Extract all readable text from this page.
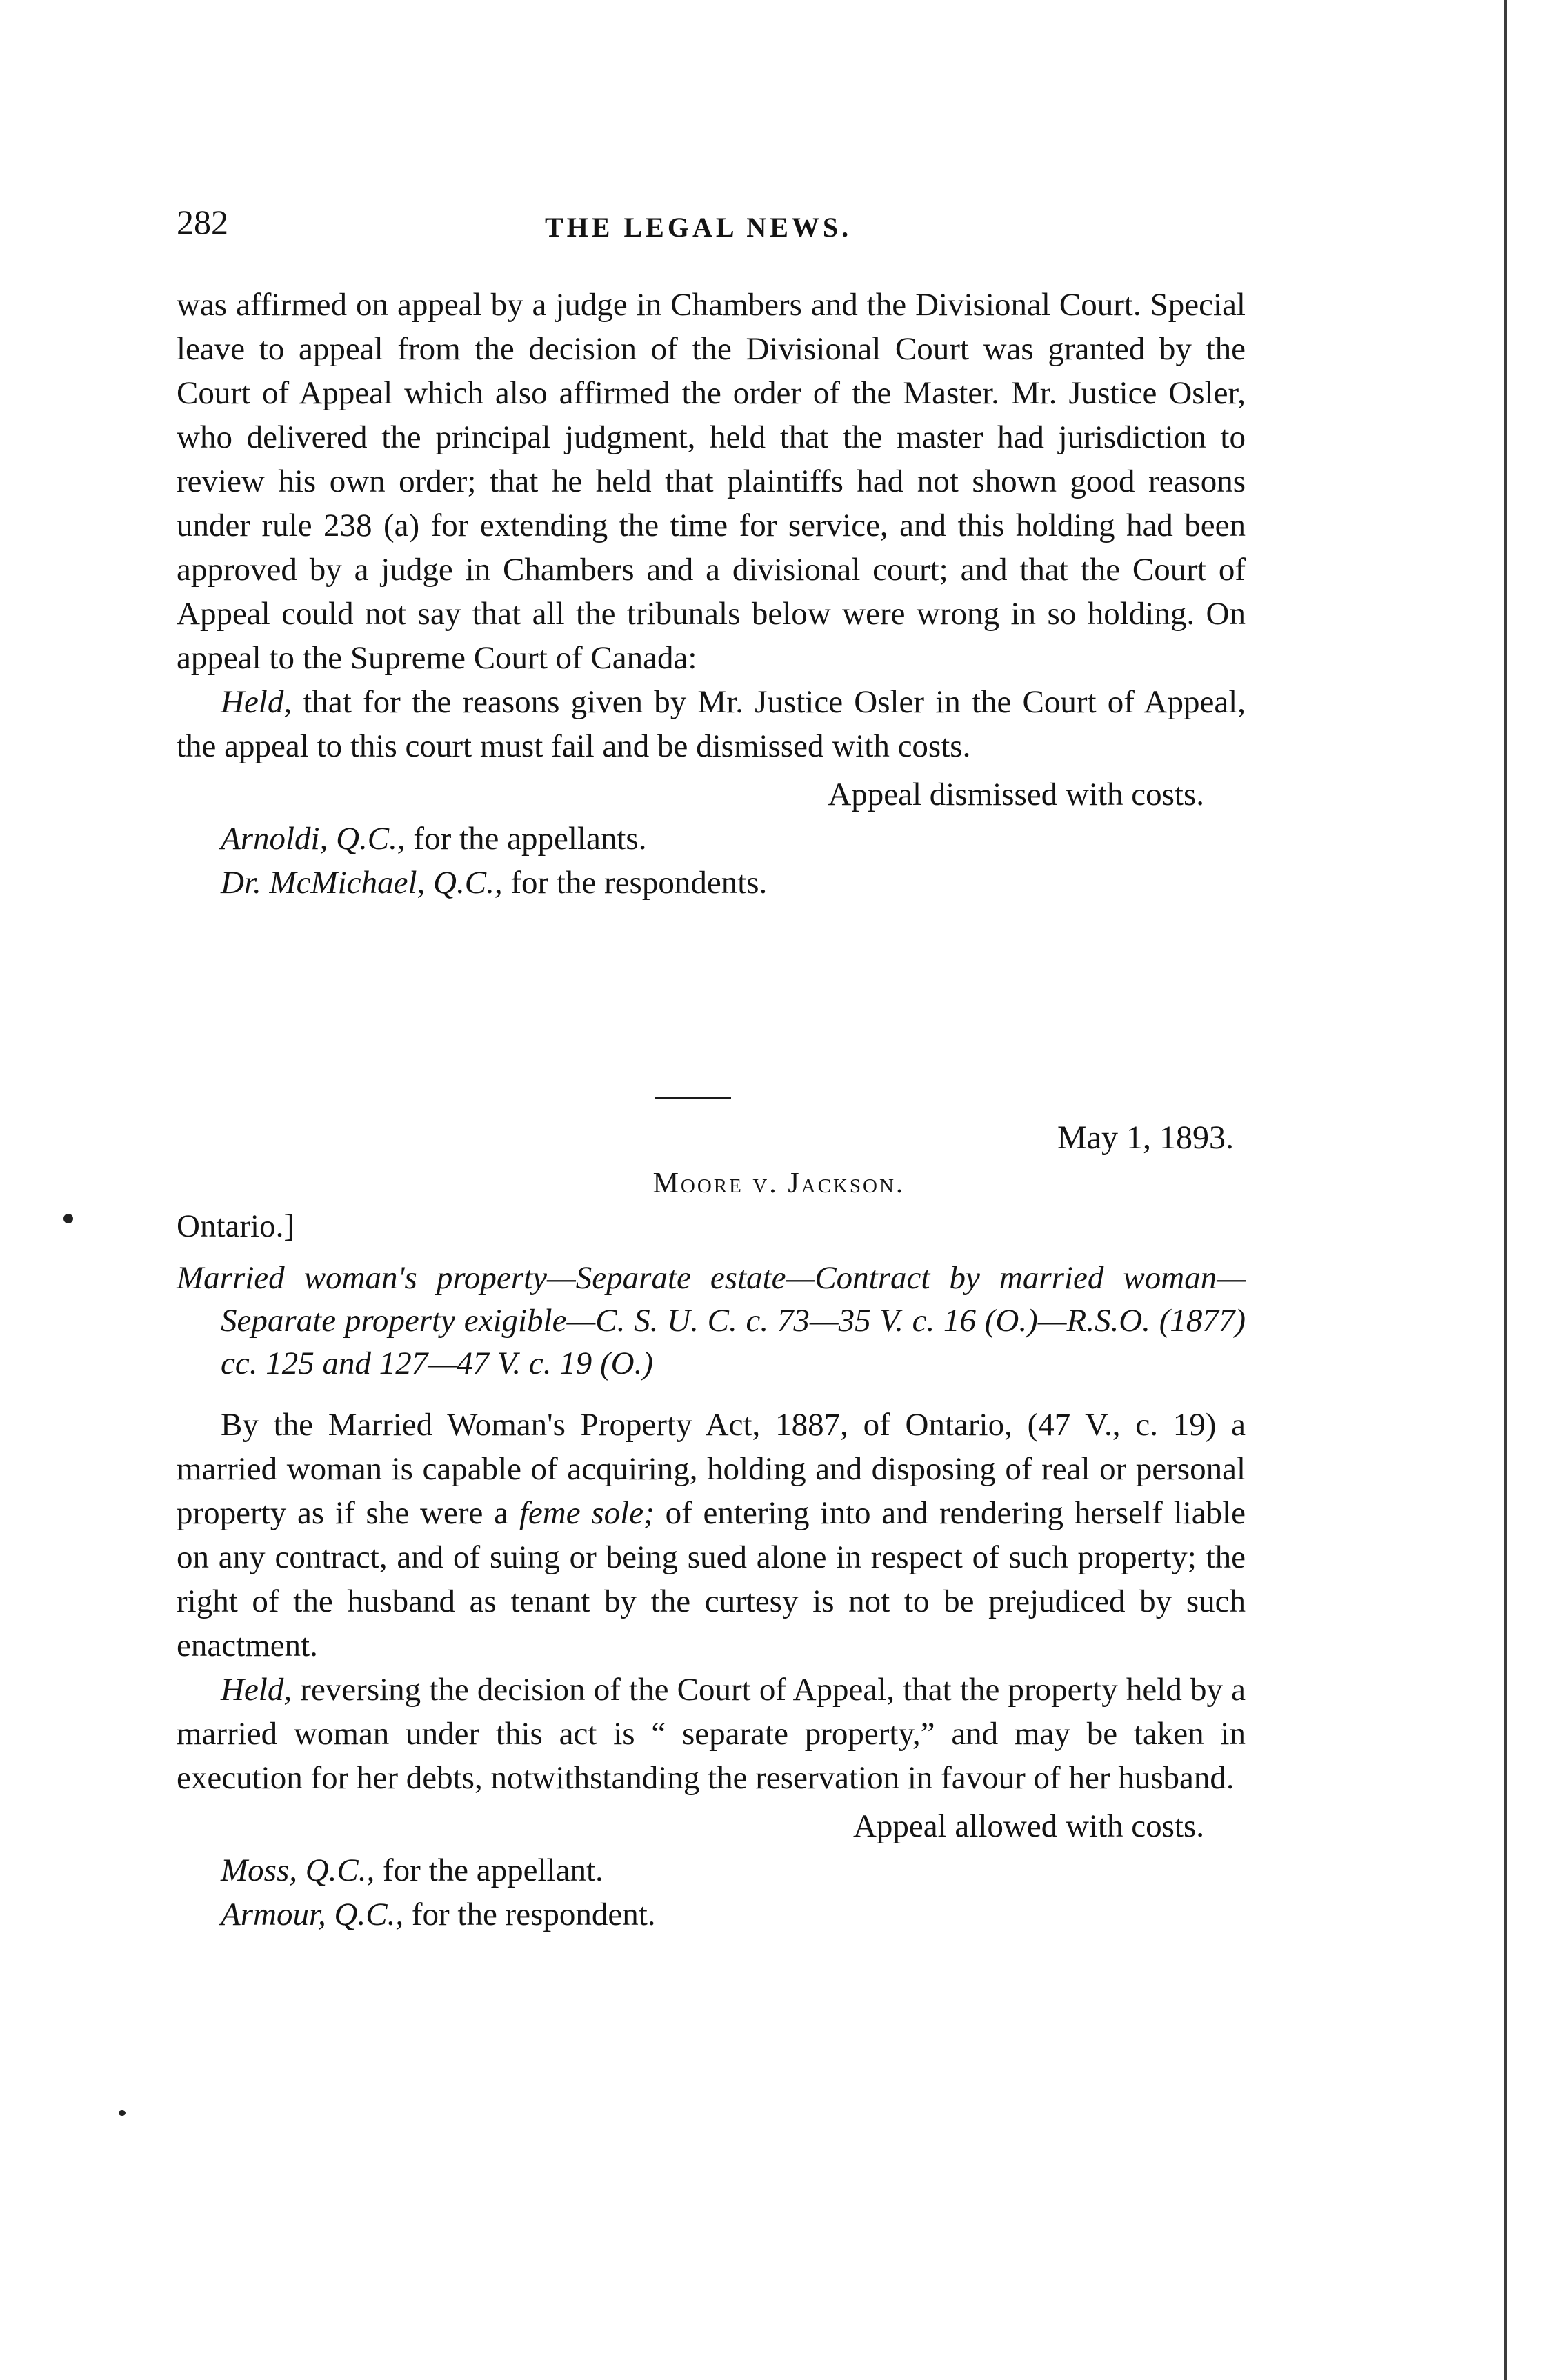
282	THE LEGAL NEWS.

was affirmed on appeal by a judge in Chambers and the Divisional Court. Special leave to appeal from the decision of the Divisional Court was granted by the Court of Appeal which also affirmed the order of the Master. Mr. Justice Osler, who delivered the principal judgment, held that the master had jurisdiction to review his own order; that he held that plaintiffs had not shown good reasons under rule 238 (a) for extending the time for service, and this holding had been approved by a judge in Chambers and a divisional court; and that the Court of Appeal could not say that all the tribunals below were wrong in so holding. On appeal to the Supreme Court of Canada:

Held, that for the reasons given by Mr. Justice Osler in the Court of Appeal, the appeal to this court must fail and be dismissed with costs.

Appeal dismissed with costs.

Arnoldi, Q.C., for the appellants.

Dr. McMichael, Q.C., for the respondents.

May 1, 1893.

Moore v. Jackson.

Ontario.]

Married woman's property—Separate estate—Contract by married woman—Separate property exigible—C. S. U. C. c. 73—35 V. c. 16 (O.)—R.S.O. (1877) cc. 125 and 127—47 V. c. 19 (O.)

By the Married Woman's Property Act, 1887, of Ontario, (47 V., c. 19) a married woman is capable of acquiring, holding and disposing of real or personal property as if she were a feme sole; of entering into and rendering herself liable on any contract, and of suing or being sued alone in respect of such property; the right of the husband as tenant by the curtesy is not to be prejudiced by such enactment.

Held, reversing the decision of the Court of Appeal, that the property held by a married woman under this act is “ separate property,” and may be taken in execution for her debts, notwithstanding the reservation in favour of her husband.

Appeal allowed with costs.

Moss, Q.C., for the appellant.

Armour, Q.C., for the respondent.
